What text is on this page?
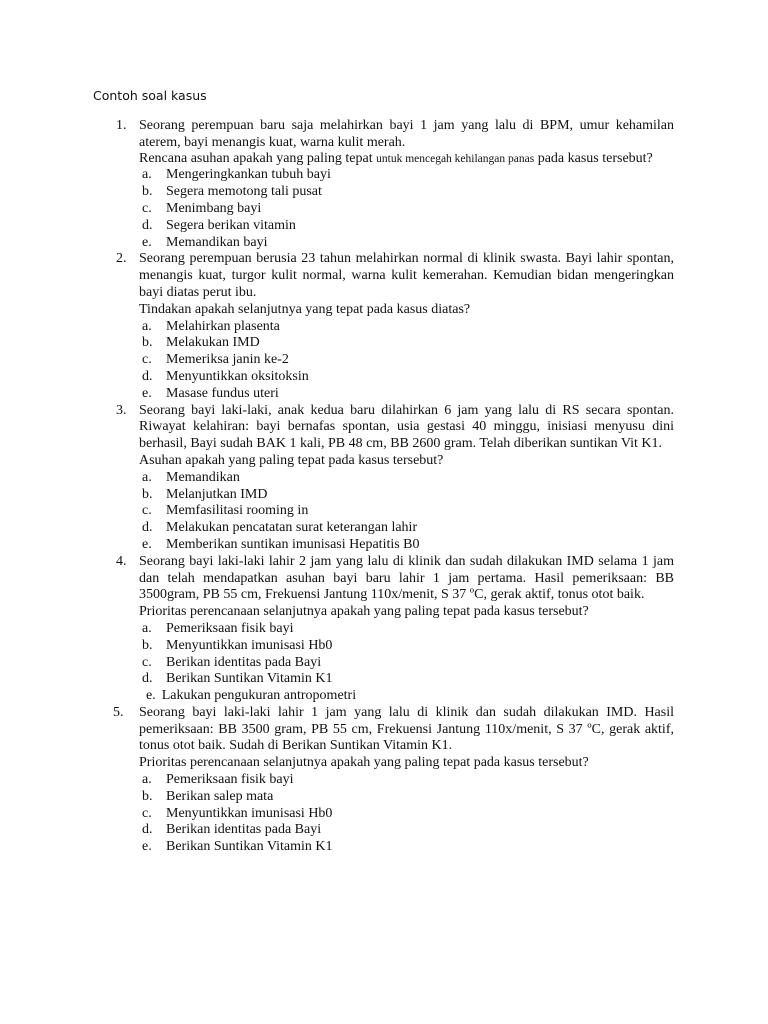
Contoh soal kasus
1. Seorang perempuan baru saja melahirkan bayi 1 jam yang lalu di BPM, umur kehamilan aterem, bayi menangis kuat, warna kulit merah.
Rencana asuhan apakah yang paling tepat untuk mencegah kehilangan panas pada kasus tersebut?
a. Mengeringkankan tubuh bayi
b. Segera memotong tali pusat
c. Menimbang bayi
d. Segera berikan vitamin
e. Memandikan bayi
2. Seorang perempuan berusia 23 tahun melahirkan normal di klinik swasta. Bayi lahir spontan, menangis kuat, turgor kulit normal, warna kulit kemerahan. Kemudian bidan mengeringkan bayi diatas perut ibu.
Tindakan apakah selanjutnya yang tepat pada kasus diatas?
a. Melahirkan plasenta
b. Melakukan IMD
c. Memeriksa janin ke-2
d. Menyuntikkan oksitoksin
e. Masase fundus uteri
3. Seorang bayi laki-laki, anak kedua baru dilahirkan 6 jam yang lalu di RS secara spontan. Riwayat kelahiran: bayi bernafas spontan, usia gestasi 40 minggu, inisiasi menyusu dini berhasil, Bayi sudah BAK 1 kali, PB 48 cm, BB 2600 gram. Telah diberikan suntikan Vit K1.
Asuhan apakah yang paling tepat pada kasus tersebut?
a. Memandikan
b. Melanjutkan IMD
c. Memfasilitasi rooming in
d. Melakukan pencatatan surat keterangan lahir
e. Memberikan suntikan imunisasi Hepatitis B0
4. Seorang bayi laki-laki lahir 2 jam yang lalu di klinik dan sudah dilakukan IMD selama 1 jam dan telah mendapatkan asuhan bayi baru lahir 1 jam pertama. Hasil pemeriksaan: BB 3500gram, PB 55 cm, Frekuensi Jantung 110x/menit, S 37 ºC, gerak aktif, tonus otot baik.
Prioritas perencanaan selanjutnya apakah yang paling tepat pada kasus tersebut?
a. Pemeriksaan fisik bayi
b. Menyuntikkan imunisasi Hb0
c. Berikan identitas pada Bayi
d. Berikan Suntikan Vitamin K1
e. Lakukan pengukuran antropometri
5. Seorang bayi laki-laki lahir 1 jam yang lalu di klinik dan sudah dilakukan IMD. Hasil pemeriksaan: BB 3500 gram, PB 55 cm, Frekuensi Jantung 110x/menit, S 37 ºC, gerak aktif, tonus otot baik. Sudah di Berikan Suntikan Vitamin K1.
Prioritas perencanaan selanjutnya apakah yang paling tepat pada kasus tersebut?
a. Pemeriksaan fisik bayi
b. Berikan salep mata
c. Menyuntikkan imunisasi Hb0
d. Berikan identitas pada Bayi
e. Berikan Suntikan Vitamin K1
